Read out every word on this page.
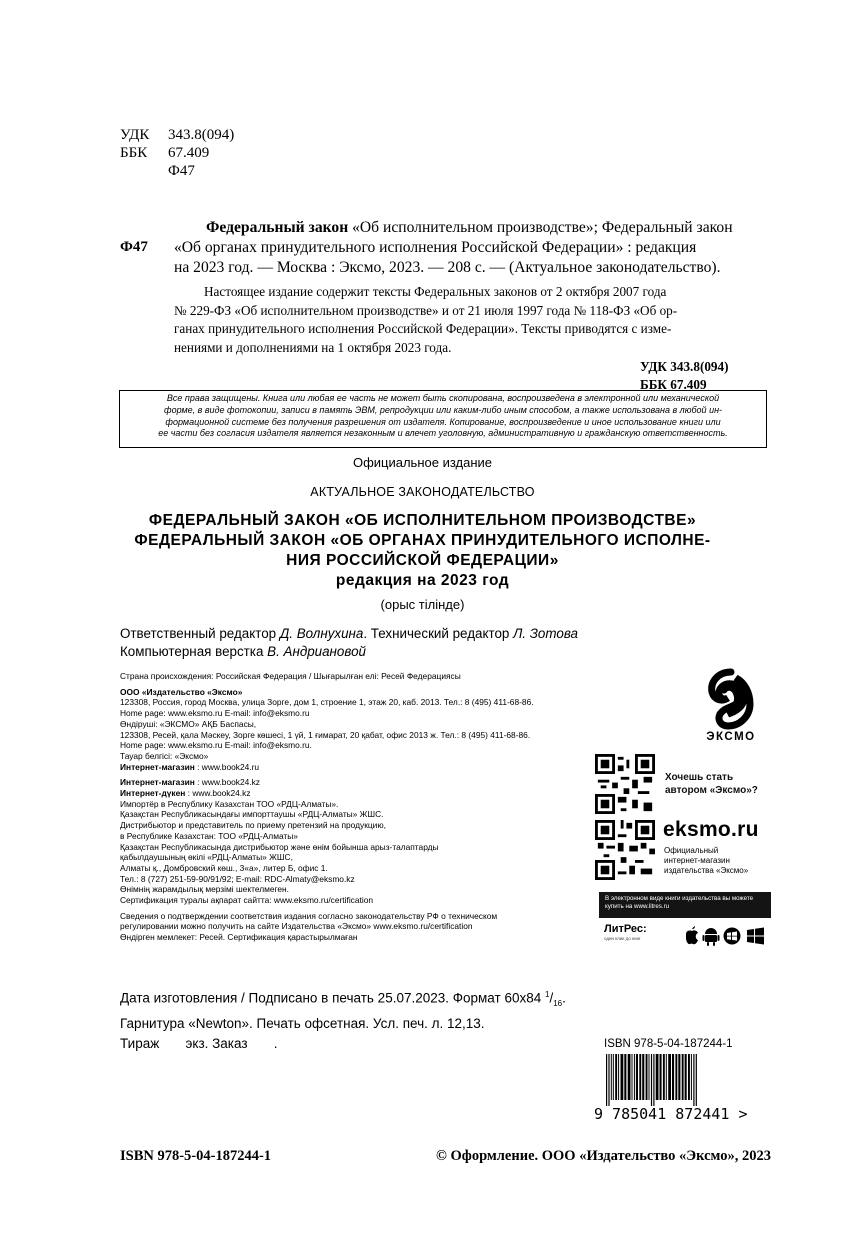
УДК 343.8(094)
ББК 67.409
Ф47
Ф47
Федеральный закон «Об исполнительном производстве»; Федеральный закон
«Об органах принудительного исполнения Российской Федерации» : редакция
на 2023 год. — Москва : Эксмо, 2023. — 208 с. — (Актуальное законодательство).
Настоящее издание содержит тексты Федеральных законов от 2 октября 2007 года
№ 229-ФЗ «Об исполнительном производстве» и от 21 июля 1997 года № 118-ФЗ «Об ор-
ганах принудительного исполнения Российской Федерации». Тексты приводятся с изме-
нениями и дополнениями на 1 октября 2023 года.
УДК 343.8(094)
ББК 67.409
Все права защищены. Книга или любая ее часть не может быть скопирована, воспроизведена в электронной или механической
форме, в виде фотокопии, записи в память ЭВМ, репродукции или каким-либо иным способом, а также использована в любой ин-
формационной системе без получения разрешения от издателя. Копирование, воспроизведение и иное использование книги или
ее части без согласия издателя является незаконным и влечет уголовную, административную и гражданскую ответственность.
Официальное издание
АКТУАЛЬНОЕ ЗАКОНОДАТЕЛЬСТВО
ФЕДЕРАЛЬНЫЙ ЗАКОН «ОБ ИСПОЛНИТЕЛЬНОМ ПРОИЗВОДСТВЕ»
ФЕДЕРАЛЬНЫЙ ЗАКОН «ОБ ОРГАНАХ ПРИНУДИТЕЛЬНОГО ИСПОЛНЕ-
НИЯ РОССИЙСКОЙ ФЕДЕРАЦИИ»
редакция на 2023 год
(орыс тілінде)
Ответственный редактор Д. Волнухина. Технический редактор Л. Зотова
Компьютерная верстка В. Андриановой
Страна происхождения: Российская Федерация / Шығарылған елі: Ресей Федерациясы
ООО «Издательство «Эксмо»
123308, Россия, город Москва, улица Зорге, дом 1, строение 1, этаж 20, каб. 2013. Тел.: 8 (495) 411-68-86.
Home page: www.eksmo.ru E-mail: info@eksmo.ru
Өндіруші: «ЭКСМО» АҚБ Баспасы,
123308, Ресей, қала Мәскеу, Зорге көшесі, 1 үй, 1 ғимарат, 20 қабат, офис 2013 ж. Тел.: 8 (495) 411-68-86.
Home page: www.eksmo.ru E-mail: info@eksmo.ru.
Тауар белгісі: «Эксмо»
Интернет-магазин : www.book24.ru
Интернет-магазин : www.book24.kz
Интернет-дүкен : www.book24.kz
Импортёр в Республику Казахстан ТОО «РДЦ-Алматы».
Қазақстан Республикасындағы импорттаушы «РДЦ-Алматы» ЖШС.
Дистрибьютор и представитель по приему претензий на продукцию,
в Республике Казахстан: ТОО «РДЦ-Алматы»
Қазақстан Республикасында дистрибьютор және өнім бойынша арыз-талаптарды
қабылдаушының өкілі «РДЦ-Алматы» ЖШС,
Алматы қ., Домбровский көш., 3«а», литер Б, офис 1.
Тел.: 8 (727) 251-59-90/91/92; E-mail: RDC-Almaty@eksmo.kz
Өнімнің жарамдылық мерзімі шектелмеген.
Сертификация туралы ақпарат сайтта: www.eksmo.ru/certification
Сведения о подтверждении соответствия издания согласно законодательству РФ о техническом
регулировании можно получить на сайте Издательства «Эксмо» www.eksmo.ru/certification
Өндірген мемлекет: Ресей. Сертификация қарастырылмаған
Дата изготовления / Подписано в печать 25.07.2023. Формат 60x84 $^1/_{16}$.
Гарнитура «Newton». Печать офсетная. Усл. печ. л. 12,13.
Тираж       экз. Заказ       .
ЭКСМО
Хочешь стать
автором «Эксмо»?
eksmo.ru
Официальный
интернет-магазин
издательства «Эксмо»
В электронном виде книги издательства вы можете
купить на www.litres.ru
ЛитРес:
один клик до книг
ISBN 978-5-04-187244-1
9 785041 872441 >
ISBN 978-5-04-187244-1	© Оформление. ООО «Издательство «Эксмо», 2023
